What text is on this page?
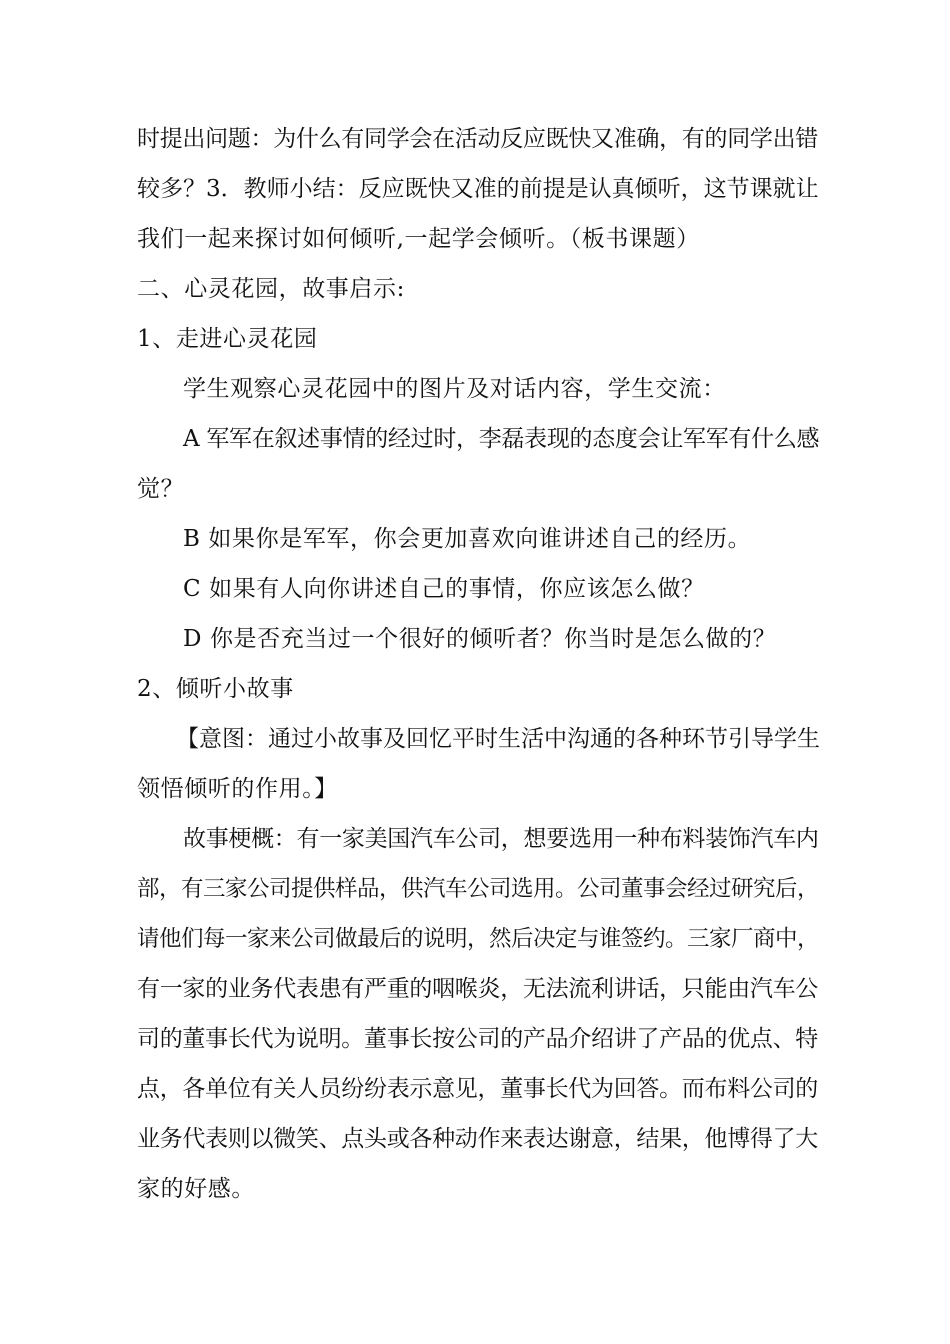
时提出问题：为什么有同学会在活动反应既快又准确，有的同学出错
较多？3．教师小结：反应既快又准的前提是认真倾听，这节课就让
我们一起来探讨如何倾听,一起学会倾听。（板书课题）
二、心灵花园，故事启示:
1、走进心灵花园
学生观察心灵花园中的图片及对话内容，学生交流：
A 军军在叙述事情的经过时，李磊表现的态度会让军军有什么感
觉？
B 如果你是军军，你会更加喜欢向谁讲述自己的经历。
C 如果有人向你讲述自己的事情，你应该怎么做？
D 你是否充当过一个很好的倾听者？你当时是怎么做的？
2、倾听小故事
【意图：通过小故事及回忆平时生活中沟通的各种环节引导学生
领悟倾听的作用。】
故事梗概：有一家美国汽车公司，想要选用一种布料装饰汽车内
部，有三家公司提供样品，供汽车公司选用。公司董事会经过研究后，
请他们每一家来公司做最后的说明，然后决定与谁签约。三家厂商中，
有一家的业务代表患有严重的咽喉炎，无法流利讲话，只能由汽车公
司的董事长代为说明。董事长按公司的产品介绍讲了产品的优点、特
点，各单位有关人员纷纷表示意见，董事长代为回答。而布料公司的
业务代表则以微笑、点头或各种动作来表达谢意，结果，他博得了大
家的好感。
